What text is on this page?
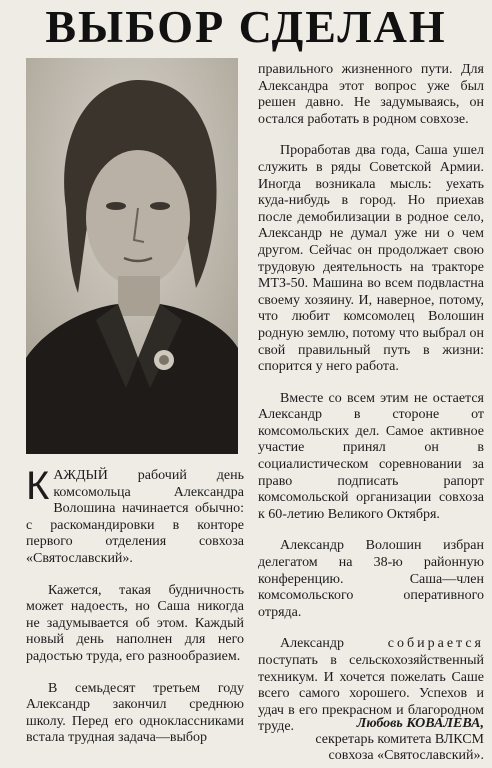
ВЫБОР СДЕЛАН

КАЖДЫЙ рабочий день комсомольца Александра Волошина начинается обычно: с раскомандировки в конторе первого отделения совхоза «Святославский».

Кажется, такая будничность может надоесть, но Саша никогда не задумывается об этом. Каждый новый день наполнен для него радостью труда, его разнообразием.

В семьдесят третьем году Александр закончил среднюю школу. Перед его одноклассниками встала трудная задача—выбор

правильного жизненного пути. Для Александра этот вопрос уже был решен давно. Не задумываясь, он остался работать в родном совхозе.

Проработав два года, Саша ушел служить в ряды Советской Армии. Иногда возникала мысль: уехать куда-нибудь в город. Но приехав после демобилизации в родное село, Александр не думал уже ни о чем другом. Сейчас он продолжает свою трудовую деятельность на тракторе МТЗ-50. Машина во всем подвластна своему хозяину. И, наверное, потому, что любит комсомолец Волошин родную землю, потому что выбрал он свой правильный путь в жизни: спорится у него работа.

Вместе со всем этим не остается Александр в стороне от комсомольских дел. Самое активное участие принял он в социалистическом соревновании за право подписать рапорт комсомольской организации совхоза к 60-летию Великого Октября.

Александр Волошин избран делегатом на 38-ю районную конференцию. Саша—член комсомольского оперативного отряда.

Александр собирается поступать в сельскохозяйственный техникум. И хочется пожелать Саше всего самого хорошего. Успехов и удач в его прекрасном и благородном труде.	Любовь КОВАЛЕВА,
секретарь комитета ВЛКСМ
совхоза «Святославский».
